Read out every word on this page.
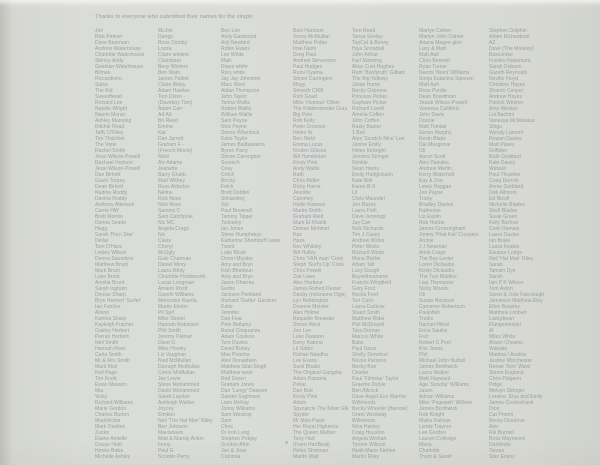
Thanks to everyone who submitted their names for the single:
Jon
Rick Palmer
Dave Bearman
Andrew Waterhouse
Charlotte Waterhouse
Skinny-Andy
Geektan-Waterhouse
Bilman
Riccardinho
Salsa
The Kid
Sweedhead
Richard Lee
Natalie Wright
Naomi Moran
Ashley Manning
Ritchie Read
Taffy O'Riley
Tim Thatcher
The View
Rachel Smith
Jessi Wilson-Powell
Rachael Hudson
Jessi Wilson-Powell
Dan Birkett
Gavin Torpey
Dean Birkett
Nadine Roddy
Davina Roddy
Anthony Atkinson
Carrie HW
Brett Morton
Donna Searle
Hegg
Sarah 'Porn Star'
Dellar
Tom O'Hara
Lesley Wilson
Donna Saunders
Matthew Brunt
Mark Brunt
Luke Brunt
Amelia Brunt
Sarah Ingham
Denise Sharp
Bryn Herbert 'Surfer'
Ian Futcher
Alison
Katrina Sharp
Kayleigh Futcher
Oakley Herbert
Perran Herbert
Neil Smith
Hannah Ross
Carla Smith
Mr & Mrs Smith
Marti Muir
Keif Page
Tim Knott
Ewan Masson
Mia
Vicky
Richard Williams
Marie Gordon
Charles Burton
Madchickie
Mark Oselton
Zunko
Elaine Amielle
Goose Hiatt
Hiroko Baba
Michelle Ashley
McJim
Dango
Ross Oxtoby
Lozza
Claire winters
Clairsbear
Bevy Winters
Ben Wain
James Pallett
Claire Bibby
Adam Hawker
Tom Dixon -
(Daveboy Tom)
Adam Carr
Ad Ad
Bri Reed
Emma
Kat
Dan Jarrett
Graham F -
(French Movie)
Nicki
Alv Adams
Jeanette
Barry Grubb
Matt Withey
Ross Alderton
Nelme
Rick Nose
Nick Rose
Sammy C
Sam Catchpole
Nic MC
Angela Crago
Nic
Claire
Cheryl
McUgly
Gale Charman
Daniel Minty
Laura Minty
Charlotte Holdsworth
Lucas Longman
Amann Khott
Gareth Williams
Mercedes Rueda
Martin Elston
Pil Spif
Mike Stoner
Hannah Robinson
Phil Smith
Jeremy Palmer
Dave G
Mike Hooley
Liz Vaughan
Niall McMullan
Darragh McMullan
Conor McMullan
Jay Lewis
Steve Mohammed
David Mohammed
Sarah Laydon
Ashleigh Walker
Joycey
Emikon
Neil 'The Hat Man' Riley
Ben Johnson
Mavisdavis
Matt & Mandy Anton
Finny
Paul G
Scooter Perry
Ben Lee
Andy Eastwood
Anji Newbird
Robin Evans
Lee White
Malc
Diane white
Rory white
Jay Jay Johnston
Marc West
Aidan Thompson
John Taylor
Terina Wallis
Robert Wallis
William Wallis
Sam Payne
Nick Payne
Simon Whenlock
Katie Taylor
James Baldassarra
Byron Parry
Simon Carrington
Screech
Cosy
Critch
Birchy
Felch
Brett Dobbin
Simianboy
Juli
Paul Brownell
Tammy Tipper
Tonkatoy
Ian Jones
Steve Humphreys
Katherine Shortstuff Lewis
Twunt
Luke Block
Omori Miyako
Amy and Bryn
Kish Bhoobun
Amy and Bryn
Jason Dharma
Garbo
Jackson Pentland
Richard 'Garbo' Gardner
Katie
Jennifer
Dan Fear
Pete Bellamy
Raoul Cinquanza
Adam Coulson
Tom Davies
David Burley
Max Piranha
Alex Donaldson
Matthew Sital-Singh
Matthew west
Rod Green
Graham Jones
Dan 'Lungy' Dawson
Satoko Sugimura
Liam McKay
Jonny Williams
Sam Westrop
Sam
Chris
Dr Iron Lung
Stephen Pobjoy
Gordon Afrin
Joe & Joan
Catriona
Beki Harrison
Jonny McMullan
Matthew Potter
Imai Nami
Greg Paul
Andrew Stevenson
Paul Hodges
Rumi Oyama
Simon Carrington
Mogy
Smooth CRM
Rich Goad
Mike 'Humour' Oliver
The Kidderminster Guru
Big Pete
Rob Kelly
Peter Croxson
Helen W
Ben Nield
Emma Lucas
Kirsten Gibson
Wil Hambleton
Kirsty Pirie
Andy Wallis
Ruth
Chris Ridler
Ricky Harris
Jennifer
Cammey
Hollie Rawson
Martin Smith
Graham Reid
Mark El-Khatib
Osman Mehmet
Kaz
Haze
Kev Whibley
Wil Holley
Chris 'VAN man' Cook
Steph 'Surf's Up' Cook
Chris Powell
Zoe Laws
Alex Harbour
James Robert Dexter
Danby (nickname Digs)
Lyn Bebbington
Deanne Meister
Alex Holme
Raquelle Brewster
Simon West
Jon Lee
Luke Dawson
Kerry Katona
Lil Gibbs
Kishan Nandha
Lee Evans
Sunil Bhakri
The Original Gangsta
Adam Parsons
Pellar
Dan Butt
Kirsty Pirie
Adam
Spynarcle The Silver Elk
Spyder
Mr Man-Paste
Her Royal Highness
The Queen Mother
Tony Hart
(From HartBeat)
Helen Sharman
Martin Wait
Tom Reed
Tanya Seeley
TopCat & Benny
Hiya Snowball
John Arthur
Karl Manning
Alice Cust-Hughes
Ruth 'Boofyruth' Gilbart
The Big Yellowy
Julian Hume
Becky Osborne
Princess Picker
Gayham Picker
Richard Lovell
Amelia Coffen
John Coffen
Rusty Baxter
1 Ball
Alex 'Scratch-Nice' Lee
Janine Emily
Helen Kirbright
Jemima Stringer
Nimble
Sean Harris
Emily Hodgkinson
Kate Bell
Karen B-S
Lil
Chris Maunder
Jon Razey
Laura Firth
Dave Jennings
Jay Can
Nick Richards
Tim J Casey
Andrew Wicks
Peter Wicks
Richard Wicks
Maria Blythe
Adam Tait
Lucy Gough
Boywithnoname
Francis Wingfield
Gary Ford
Nicola Ford
Tori Cann
Laura Cuckow
Stuart Smith
Matthew Rider
Phil McDowall
Tara Dorrian
Marcus White
Babs
Paul Davis
Shelly Donohoe
Nicola Parsons
Becky Boo
Charlie
Paul 'Filmstar' Taylor
Graeme Dickie
Ben Allcock
Dave Angel Eco Warrior
Wifinleeds
Becky Wheeler (Barrow)
Grant Woolway
Wifinleeds
Nina Hanley
Craig Houston
Angela Wishart
Tyrone Willson
Heidi-Marie Kiehne
Martin Riley
Martyn Cohen
Martyn John Cohen
Ariana Magee-ginn
Lucy & Matt
Matt Ault
Chris Bennett
Ryan Turner
Naomi 'Nomi' Williams
Sonja Katariina Siponen
Matt Ault
Ross Purdie
Dean Boardman
Jessie Wilson-Powell
Vanessa Culliford
John Davis
Dozzie
Matt Tomiak
Geran Murphy
Kevin Blake
Dai Musgrove
Oli
Aaron Scott
Alex Paindes
Andrew Martin
Kerry Widerholt
Kay & Zoe
Lewis Hoggan
Jon Payne
Tricky
Bradley Davies
Katherine
Liz Esplin
Rob Hobbs
James Crossingham
Jimmy 'Phat Kat' Crossers
Archie
J J Newman
Amie Crago
The Boy Lester
Loren Diclaudio
Kirsty Diclaudio
The Two Biddies
Lisa Thompson
Nicky Woods
Oli
Susan Nicolson
Cameron Robertson
Paulofish
Trudie
Rachel Hilton
Erica Saulini
Fish
Robert S Pool
Kris Jones
Phil
Michael John Nuttall
James Borthwick
Laura Walker
Matt Hayward
Age 'Scooby' Williams
Jason
Adrian Williams
Mike 'Pugwash' Willson
James Borthwick
Rob Knight
Maike Kalsow
Lynda Traynor
Lee Gordon
Lauren Colledge
Maria
Charlotte
Thom & Sarah
Stephen Dolphin
Adam Richardson
AZ
Dave (The Monkey)
Bascombe
Fumiko Nakamura
Sarah Dobson
Gareth Reynolds
Neville Floyd
Christine Hayes
Sharon Cooper
Andrew Hayes
Patrick Weston
Amy Weston
Lui Bachini
Vanessa McManaus
Shigu
Wendy Lamont
Rowan Davies
Matt Pavey
Griftster
Ruth Goddard
Kate Davey
Wetsuit
Paul Thrasher
Craig Derrick
Annie Goddard
Deb Allmont
Ed Nicoll
Michelle Blades
Shell Blades
Susie Green
Kelly Barfoot
Colin Reeves
Laura Davies
Ian Boyle
Laura Keates
Eleanor Lodge
Neil 'Hat Man' Riley
Sarah
Tamsin Dye
Sarah
Iain P K Wilson
Tom Aston
Steve & Julie Fairclough
Jamieson Matthew Eley
Ellen Beasley
Matthew Limbert
Lankybean
Flangemeister
Al
Miles White
Alison Chowns
Wakako
Martina / Austria
Justine Winchester
Renae 'Ren' Ward
Simon England
Chris Pidgeon
Pidge
Melvyn Stringer
Loraine, Elsa and Emily
James Cruickshank
Dion
Cat Proom
Becky Dearlove
Anic
Rik Burnell
Ross Mayneord
Danhinde
Tarzan
Sian Evans
